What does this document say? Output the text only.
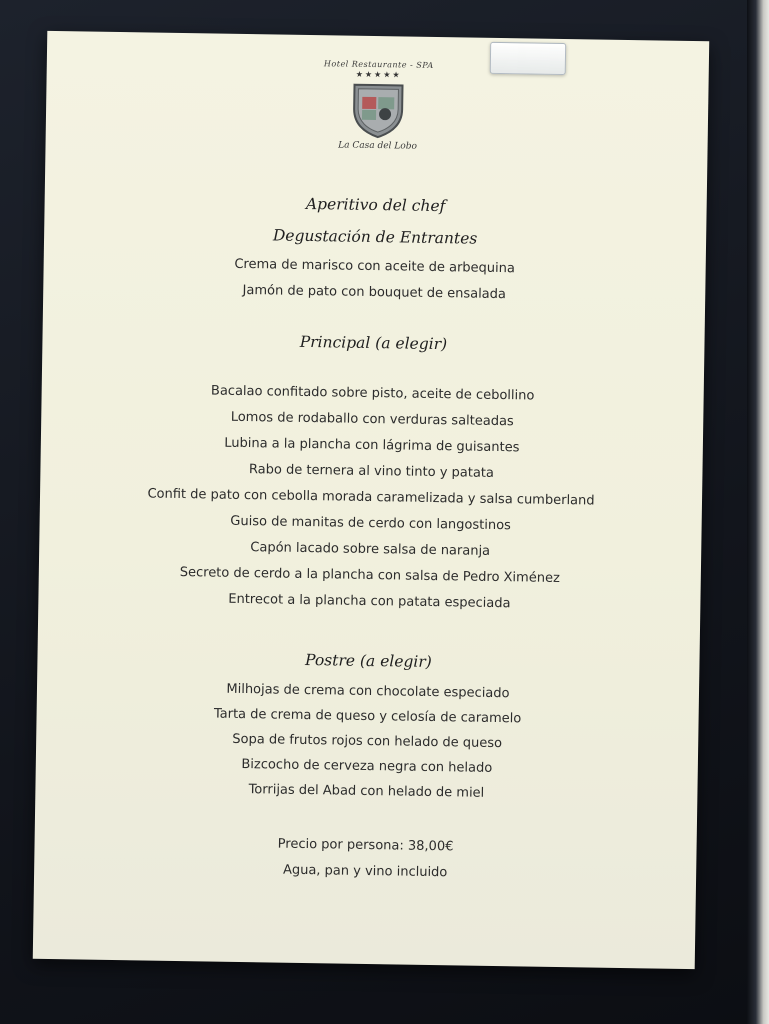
Hotel Restaurante - SPA
★★★★★
La Casa del Lobo
Aperitivo del chef
Degustación de Entrantes
Crema de marisco con aceite de arbequina
Jamón de pato con bouquet de ensalada
Principal (a elegir)
Bacalao confitado sobre pisto, aceite de cebollino
Lomos de rodaballo con verduras salteadas
Lubina a la plancha con lágrima de guisantes
Rabo de ternera al vino tinto y patata
Confit de pato con cebolla morada caramelizada y salsa cumberland
Guiso de manitas de cerdo con langostinos
Capón lacado sobre salsa de naranja
Secreto de cerdo a la plancha con salsa de Pedro Ximénez
Entrecot a la plancha con patata especiada
Postre (a elegir)
Milhojas de crema con chocolate especiado
Tarta de crema de queso y celosía de caramelo
Sopa de frutos rojos con helado de queso
Bizcocho de cerveza negra con helado
Torrijas del Abad con helado de miel
Precio por persona: 38,00€
Agua, pan y vino incluido
